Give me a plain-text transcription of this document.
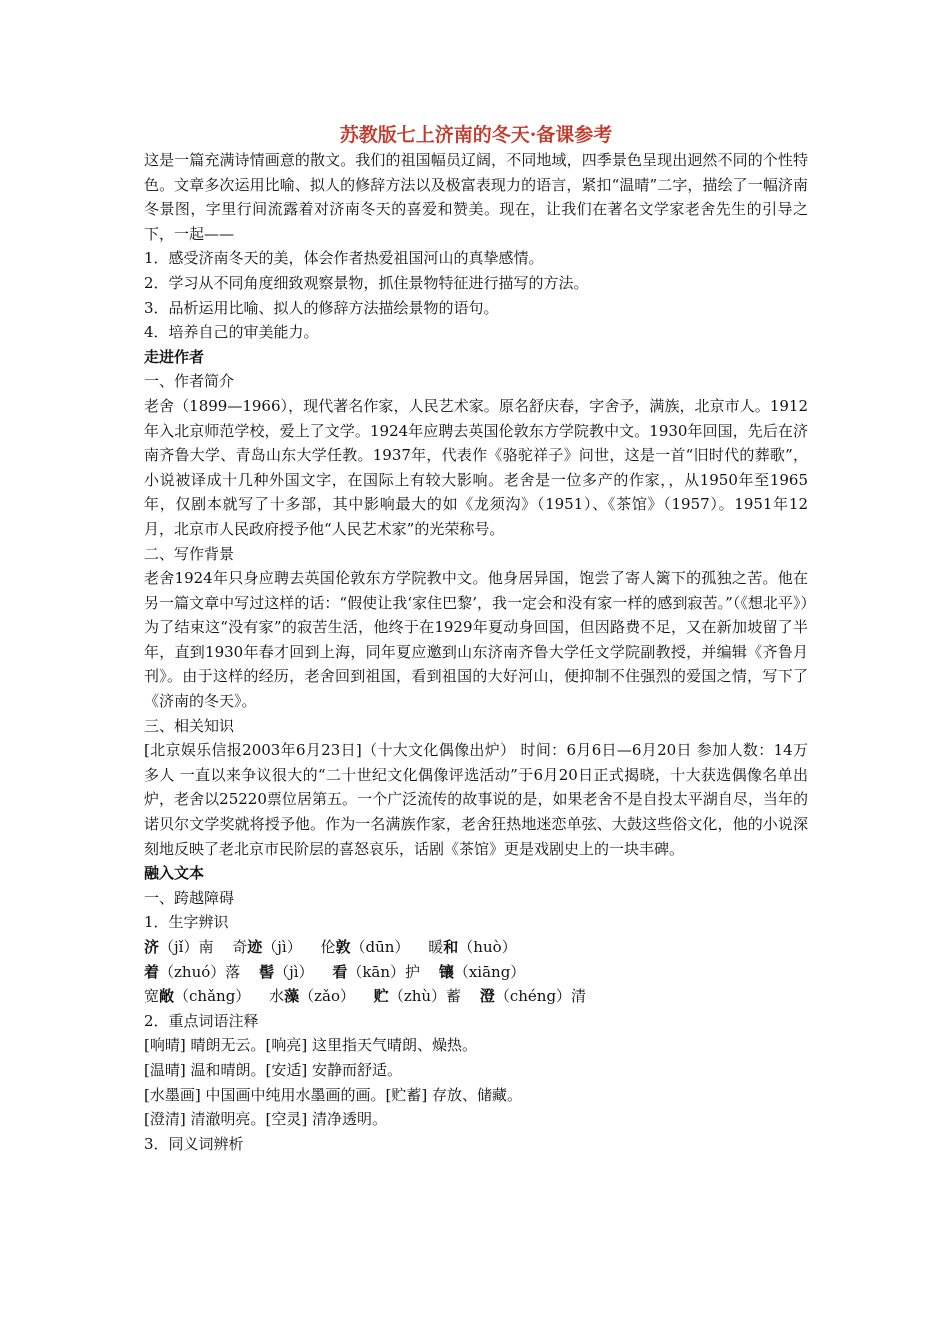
苏教版七上济南的冬天·备课参考

这是一篇充满诗情画意的散文。我们的祖国幅员辽阔，不同地域，四季景色呈现出迥然不同的个性特色。文章多次运用比喻、拟人的修辞方法以及极富表现力的语言，紧扣“温晴”二字，描绘了一幅济南冬景图，字里行间流露着对济南冬天的喜爱和赞美。现在，让我们在著名文学家老舍先生的引导之下，一起——

1．感受济南冬天的美，体会作者热爱祖国河山的真挚感情。

2．学习从不同角度细致观察景物，抓住景物特征进行描写的方法。

3．品析运用比喻、拟人的修辞方法描绘景物的语句。

4．培养自己的审美能力。

走进作者

一、作者简介

老舍（1899—1966），现代著名作家，人民艺术家。原名舒庆春，字舍予，满族，北京市人。1912年入北京师范学校，爱上了文学。1924年应聘去英国伦敦东方学院教中文。1930年回国，先后在济南齐鲁大学、青岛山东大学任教。1937年，代表作《骆驼祥子》问世，这是一首“旧时代的葬歌”，小说被译成十几种外国文字，在国际上有较大影响。老舍是一位多产的作家，，从1950年至1965年，仅剧本就写了十多部，其中影响最大的如《龙须沟》（1951）、《茶馆》（1957）。1951年12月，北京市人民政府授予他“人民艺术家”的光荣称号。

二、写作背景

老舍1924年只身应聘去英国伦敦东方学院教中文。他身居异国，饱尝了寄人篱下的孤独之苦。他在另一篇文章中写过这样的话：“假使让我‘家住巴黎’，我一定会和没有家一样的感到寂苦。”（《想北平》）为了结束这“没有家”的寂苦生活，他终于在1929年夏动身回国，但因路费不足，又在新加坡留了半年，直到1930年春才回到上海，同年夏应邀到山东济南齐鲁大学任文学院副教授，并编辑《齐鲁月刊》。由于这样的经历，老舍回到祖国，看到祖国的大好河山，便抑制不住强烈的爱国之情，写下了《济南的冬天》。

三、相关知识

[北京娱乐信报2003年6月23日]（十大文化偶像出炉） 时间：6月6日—6月20日 参加人数：14万多人 一直以来争议很大的“二十世纪文化偶像评选活动”于6月20日正式揭晓，十大获选偶像名单出炉，老舍以25220票位居第五。一个广泛流传的故事说的是，如果老舍不是自投太平湖自尽，当年的诺贝尔文学奖就将授予他。作为一名满族作家，老舍狂热地迷恋单弦、大鼓这些俗文化，他的小说深刻地反映了老北京市民阶层的喜怒哀乐，话剧《茶馆》更是戏剧史上的一块丰碑。

融入文本

一、跨越障碍

1．生字辨识

济（jǐ）南 奇迹（jì） 伦敦（dūn） 暖和（huò）

着（zhuó）落 髻（jì） 看（kān）护 镶（xiāng）

宽敞（chǎng） 水藻（zǎo） 贮（zhù）蓄 澄（chéng）清

2．重点词语注释

[响晴] 晴朗无云。[响亮] 这里指天气晴朗、燥热。

[温晴] 温和晴朗。[安适] 安静而舒适。

[水墨画] 中国画中纯用水墨画的画。[贮蓄] 存放、储藏。

[澄清] 清澈明亮。[空灵] 清净透明。

3．同义词辨析
